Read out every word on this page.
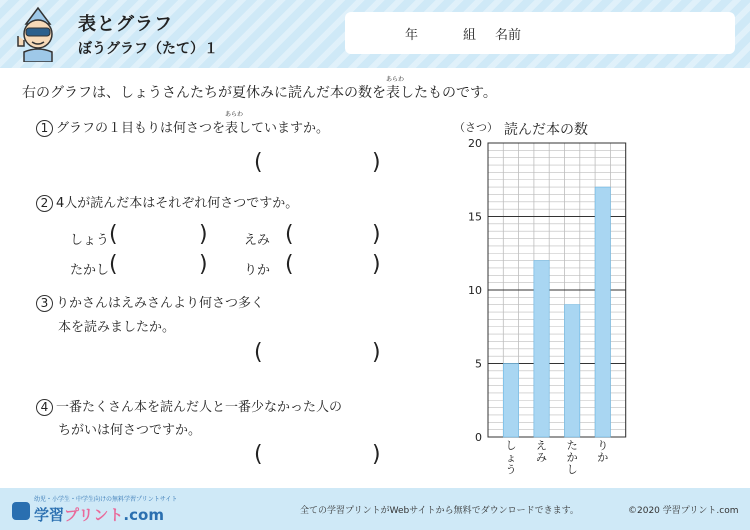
表とグラフ
ぼうグラフ（たて）１
年	組 名前
右のグラフは、しょうさんたちが夏休みに読んだ本の数を
あらわ
表したものです。
1 グラフの１目もりは何さつを
あらわ
表していますか。
(	)
2 4人が読んだ本はそれぞれ何さつですか。
しょう (	)	えみ (	)
たかし (	)	りか (	)
3 りかさんはえみさんより何さつ多く
本を読みましたか。
(	)
4 一番たくさん本を読んだ人と一番少なかった人の
ちがいは何さつですか。
(	)
読んだ本の数
（さつ）
0
5
10
15
20
しょう
えみ
たかし
りか
幼児・小学生・中学生向けの無料学習プリントサイト
学習プリント.com	全ての学習プリントがWebサイトから無料でダウンロードできます。	©2020 学習プリント.com
